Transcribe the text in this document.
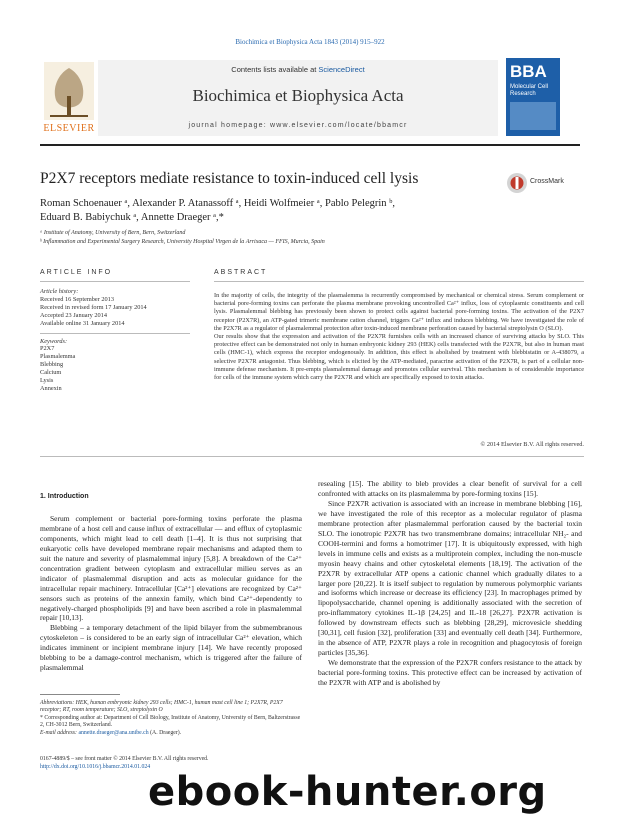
Biochimica et Biophysica Acta 1843 (2014) 915–922
ELSEVIER
Contents lists available at ScienceDirect
Biochimica et Biophysica Acta
journal homepage: www.elsevier.com/locate/bbamcr
BBA
Molecular Cell
Research
P2X7 receptors mediate resistance to toxin-induced cell lysis	CrossMark
Roman Schoenauer ᵃ, Alexander P. Atanassoff ᵃ, Heidi Wolfmeier ᵃ, Pablo Pelegrin ᵇ,
Eduard B. Babiychuk ᵃ, Annette Draeger ᵃ,*
ᵃ Institute of Anatomy, University of Bern, Bern, Switzerland
ᵇ Inflammation and Experimental Surgery Research, University Hospital Virgen de la Arrixaca — FFIS, Murcia, Spain
ARTICLE INFO	ABSTRACT
Article history:
Received 16 September 2013
Received in revised form 17 January 2014
Accepted 23 January 2014
Available online 31 January 2014
Keywords:
P2X7
Plasmalemma
Blebbing
Calcium
Lysis
Annexin

In the majority of cells, the integrity of the plasmalemma is recurrently compromised by mechanical or chemical stress. Serum complement or bacterial pore-forming toxins can perforate the plasma membrane provoking uncontrolled Ca²⁺ influx, loss of cytoplasmic constituents and cell lysis. Plasmalemmal blebbing has previously been shown to protect cells against bacterial pore-forming toxins. The activation of the P2X7 receptor (P2X7R), an ATP-gated trimeric membrane cation channel, triggers Ca²⁺ influx and induces blebbing. We have investigated the role of the P2X7R as a regulator of plasmalemmal protection after toxin-induced membrane perforation caused by bacterial streptolysin O (SLO).

Our results show that the expression and activation of the P2X7R furnishes cells with an increased chance of surviving attacks by SLO. This protective effect can be demonstrated not only in human embryonic kidney 293 (HEK) cells transfected with the P2X7R, but also in human mast cells (HMC-1), which express the receptor endogenously. In addition, this effect is abolished by treatment with blebbistatin or A-438079, a selective P2X7R antagonist. Thus blebbing, which is elicited by the ATP-mediated, paracrine activation of the P2X7R, is part of a cellular non-immune defense mechanism. It pre-empts plasmalemmal damage and promotes cellular survival. This mechanism is of considerable importance for cells of the immune system which carry the P2X7R and which are specifically exposed to toxin attacks.

© 2014 Elsevier B.V. All rights reserved.
1. Introduction

Serum complement or bacterial pore-forming toxins perforate the plasma membrane of a host cell and cause influx of extracellular — and efflux of cytoplasmic components, which might lead to cell death [1–4]. It is thus not surprising that eukaryotic cells have developed membrane repair mechanisms and adapted them to suit the nature and severity of plasmalemmal injury [5,8]. A breakdown of the Ca²⁺ concentration gradient between cytoplasm and extracellular milieu serves as an indicator of plasmalemmal disruption and acts as molecular guidance for the intracellular repair machinery. Intracellular [Ca²⁺] elevations are recognized by Ca²⁺ sensors such as proteins of the annexin family, which bind Ca²⁺-dependently to negatively-charged phospholipids [9] and have been ascribed a role in plasmalemmal repair [10,13].

Blebbing – a temporary detachment of the lipid bilayer from the submembranous cytoskeleton – is considered to be an early sign of intracellular Ca²⁺ elevation, which indicates imminent or incipient membrane injury [14]. We have recently proposed blebbing to be a damage-control mechanism, which is triggered after the failure of plasmalemmal

resealing [15]. The ability to bleb provides a clear benefit of survival for a cell confronted with attacks on its plasmalemma by pore-forming toxins [15].

Since P2X7R activation is associated with an increase in membrane blebbing [16], we have investigated the role of this receptor as a molecular regulator of plasma membrane protection after plasmalemmal perforation caused by the bacterial toxin SLO. The ionotropic P2X7R has two transmembrane domains; intracellular NH₂- and COOH-termini and forms a homotrimer [17]. It is ubiquitously expressed, with high levels in immune cells and exists as a multiprotein complex, including the non-muscle myosin heavy chains and other cytoskeletal elements [18,19]. The activation of the P2X7R by extracellular ATP opens a cationic channel which gradually dilates to a larger pore [20,22]. It is itself subject to regulation by numerous polymorphic variants and isoforms which increase or decrease its efficiency [23]. In macrophages primed by lipopolysaccharide, channel opening is additionally associated with the secretion of pro-inflammatory cytokines IL-1β [24,25] and IL-18 [26,27]. P2X7R activation is followed by downstream effects such as blebbing [28,29], microvesicle shedding [30,31], cell fusion [32], proliferation [33] and eventually cell death [34]. Furthermore, in the absence of ATP, P2X7R plays a role in recognition and phagocytosis of foreign particles [35,36].

We demonstrate that the expression of the P2X7R confers resistance to the attack by bacterial pore-forming toxins. This protective effect can be increased by activation of the P2X7R with ATP and is abolished by

Abbreviations: HEK, human embryonic kidney 293 cells; HMC-1, human mast cell line 1; P2X7R, P2X7 receptor; RT, room temperature; SLO, streptolysin O
* Corresponding author at: Department of Cell Biology, Institute of Anatomy, University of Bern, Baltzerstrasse 2, CH-3012 Bern, Switzerland.
E-mail address: annette.draeger@ana.unibe.ch (A. Draeger).
0167-4889/$ – see front matter © 2014 Elsevier B.V. All rights reserved.
http://dx.doi.org/10.1016/j.bbamcr.2014.01.024
ebook-hunter.org
